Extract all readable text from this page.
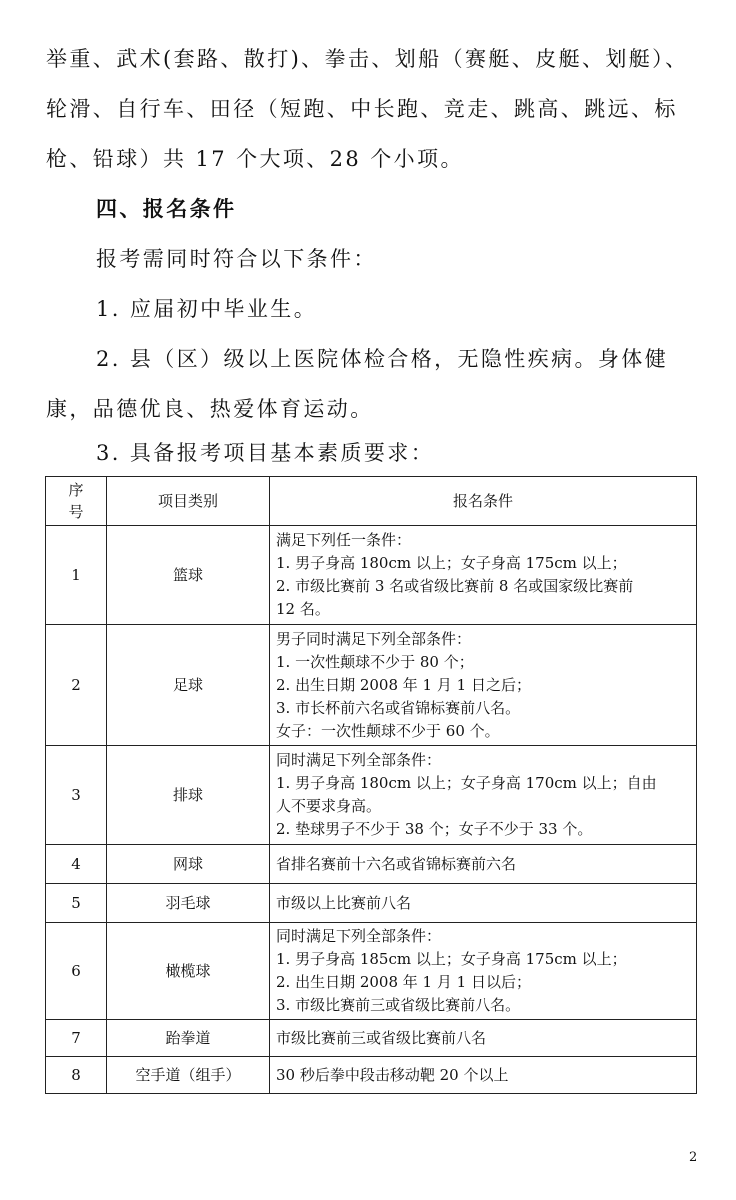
举重、武术(套路、散打)、拳击、划船（赛艇、皮艇、划艇）、轮滑、自行车、田径（短跑、中长跑、竞走、跳高、跳远、标枪、铅球）共 17 个大项、28 个小项。

四、报名条件

报考需同时符合以下条件：

1. 应届初中毕业生。

2. 县（区）级以上医院体检合格，无隐性疾病。身体健康，品德优良、热爱体育运动。

3. 具备报考项目基本素质要求：

序号	项目类别	报名条件
1	篮球	满足下列任一条件：
1. 男子身高 180cm 以上；女子身高 175cm 以上；
2. 市级比赛前 3 名或省级比赛前 8 名或国家级比赛前
12 名。

2	足球	男子同时满足下列全部条件：
1. 一次性颠球不少于 80 个；
2. 出生日期 2008 年 1 月 1 日之后；
3. 市长杯前六名或省锦标赛前八名。
女子：一次性颠球不少于 60 个。

3	排球	同时满足下列全部条件：
1. 男子身高 180cm 以上；女子身高 170cm 以上；自由
人不要求身高。
2. 垫球男子不少于 38 个；女子不少于 33 个。

4	网球	省排名赛前十六名或省锦标赛前六名

5	羽毛球	市级以上比赛前八名

6	橄榄球	同时满足下列全部条件：
1. 男子身高 185cm 以上；女子身高 175cm 以上；
2. 出生日期 2008 年 1 月 1 日以后；
3. 市级比赛前三或省级比赛前八名。

7	跆拳道	市级比赛前三或省级比赛前八名

8	空手道（组手）	30 秒后拳中段击移动靶 20 个以上
2
